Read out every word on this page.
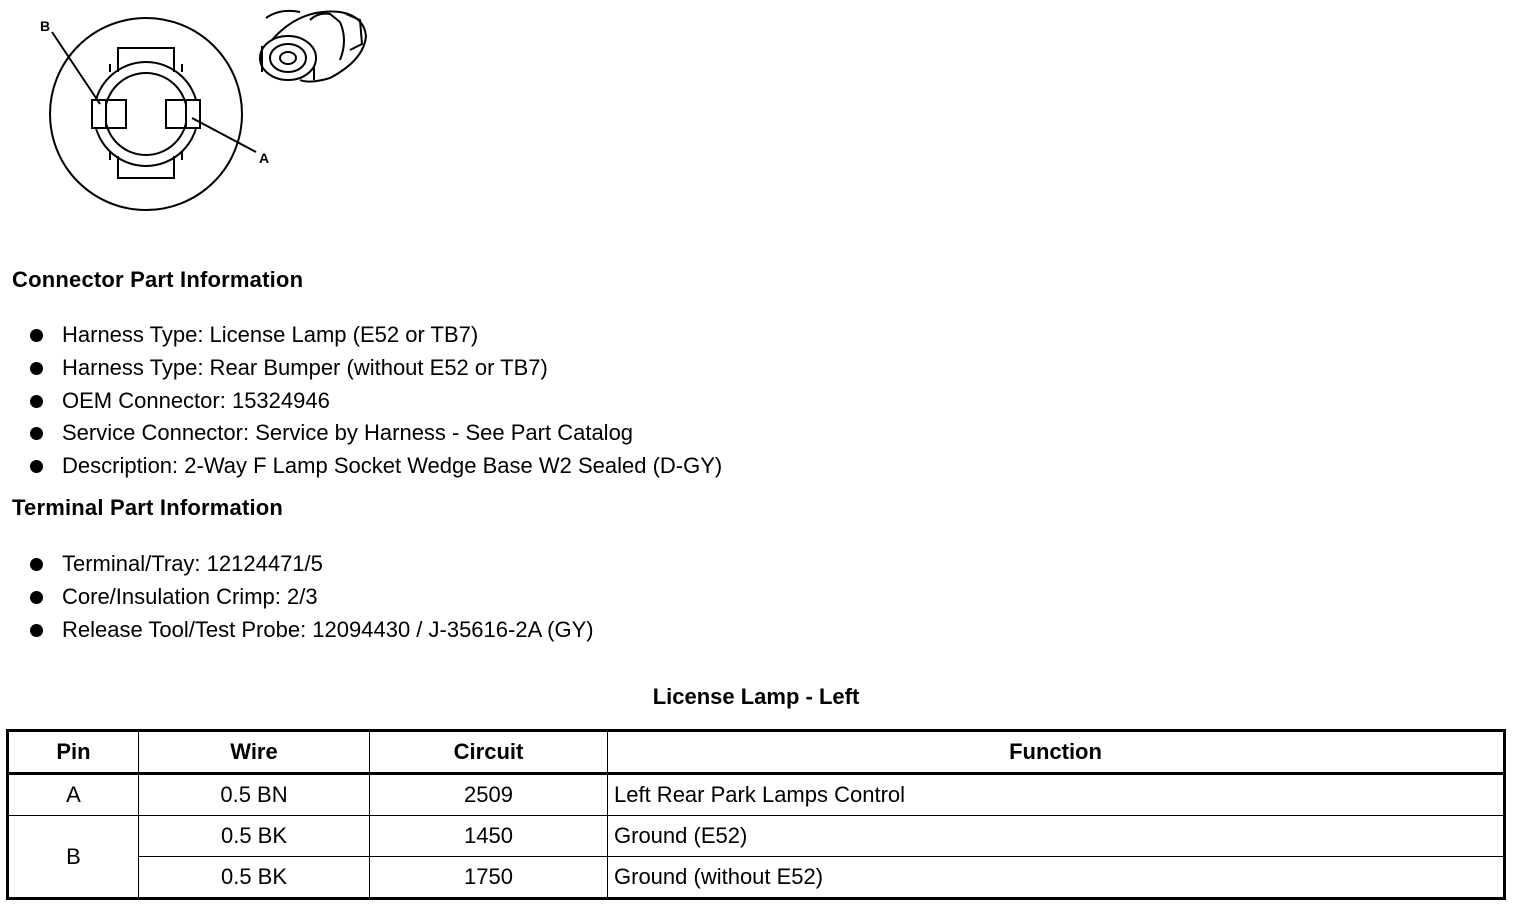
B
A
Connector Part Information
Harness Type: License Lamp (E52 or TB7)
Harness Type: Rear Bumper (without E52 or TB7)
OEM Connector: 15324946
Service Connector: Service by Harness - See Part Catalog
Description: 2-Way F Lamp Socket Wedge Base W2 Sealed (D-GY)
Terminal Part Information
Terminal/Tray: 12124471/5
Core/Insulation Crimp: 2/3
Release Tool/Test Probe: 12094430 / J-35616-2A (GY)
License Lamp - Left
Pin	Wire	Circuit	Function
A	0.5 BN	2509	Left Rear Park Lamps Control
B	0.5 BK	1450	Ground (E52)
	0.5 BK	1750	Ground (without E52)
